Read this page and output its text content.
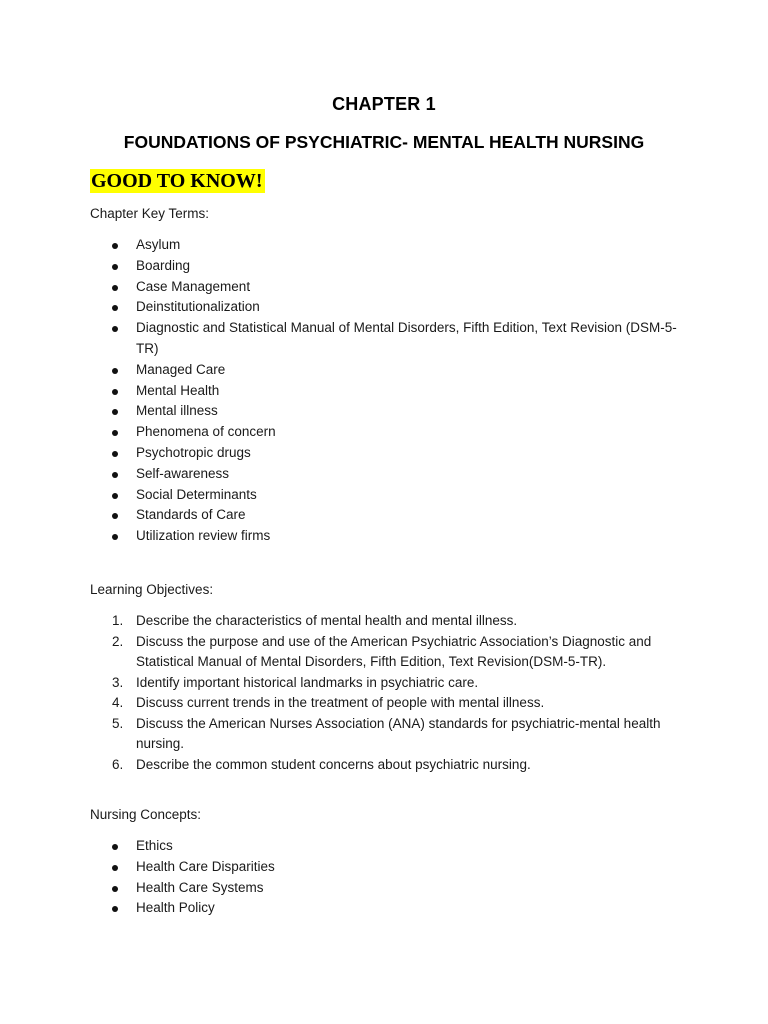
CHAPTER 1
FOUNDATIONS OF PSYCHIATRIC- MENTAL HEALTH NURSING
GOOD TO KNOW!
Chapter Key Terms:
Asylum
Boarding
Case Management
Deinstitutionalization
Diagnostic and Statistical Manual of Mental Disorders, Fifth Edition, Text Revision (DSM-5-TR)
Managed Care
Mental Health
Mental illness
Phenomena of concern
Psychotropic drugs
Self-awareness
Social Determinants
Standards of Care
Utilization review firms
Learning Objectives:
1. Describe the characteristics of mental health and mental illness.
2. Discuss the purpose and use of the American Psychiatric Association’s Diagnostic and Statistical Manual of Mental Disorders, Fifth Edition, Text Revision(DSM-5-TR).
3. Identify important historical landmarks in psychiatric care.
4. Discuss current trends in the treatment of people with mental illness.
5. Discuss the American Nurses Association (ANA) standards for psychiatric-mental health nursing.
6. Describe the common student concerns about psychiatric nursing.
Nursing Concepts:
Ethics
Health Care Disparities
Health Care Systems
Health Policy
